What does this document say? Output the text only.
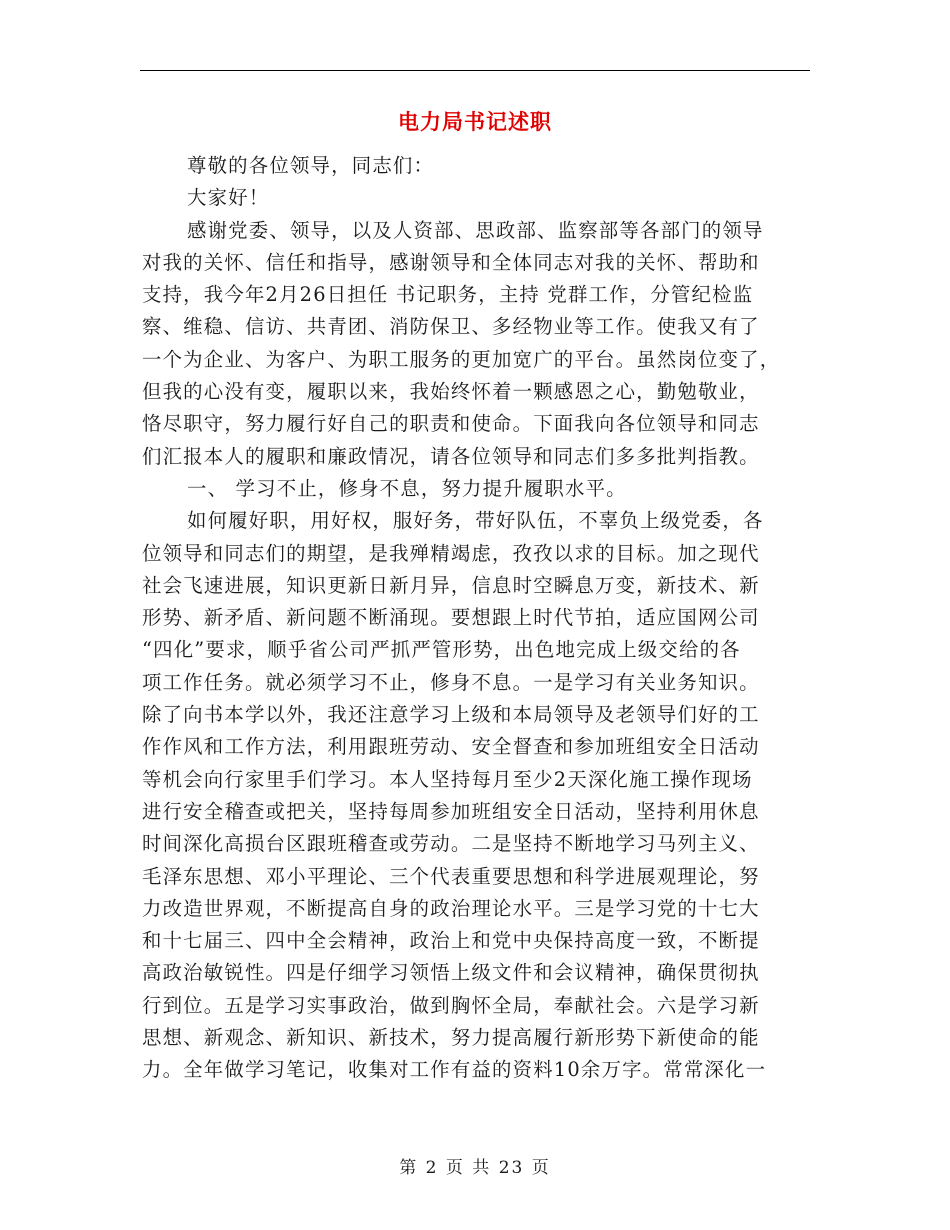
电力局书记述职
尊敬的各位领导，同志们：
大家好！
感谢党委、领导，以及人资部、思政部、监察部等各部门的领导
对我的关怀、信任和指导，感谢领导和全体同志对我的关怀、帮助和
支持，我今年2月26日担任 书记职务，主持 党群工作，分管纪检监
察、维稳、信访、共青团、消防保卫、多经物业等工作。使我又有了
一个为企业、为客户、为职工服务的更加宽广的平台。虽然岗位变了，
但我的心没有变，履职以来，我始终怀着一颗感恩之心，勤勉敬业，
恪尽职守，努力履行好自己的职责和使命。下面我向各位领导和同志
们汇报本人的履职和廉政情况，请各位领导和同志们多多批判指教。
一、 学习不止，修身不息，努力提升履职水平。
如何履好职，用好权，服好务，带好队伍，不辜负上级党委，各
位领导和同志们的期望，是我殚精竭虑，孜孜以求的目标。加之现代
社会飞速进展，知识更新日新月异，信息时空瞬息万变，新技术、新
形势、新矛盾、新问题不断涌现。要想跟上时代节拍，适应国网公司
“四化”要求，顺乎省公司严抓严管形势，出色地完成上级交给的各
项工作任务。就必须学习不止，修身不息。一是学习有关业务知识。
除了向书本学以外，我还注意学习上级和本局领导及老领导们好的工
作作风和工作方法，利用跟班劳动、安全督查和参加班组安全日活动
等机会向行家里手们学习。本人坚持每月至少2天深化施工操作现场
进行安全稽查或把关，坚持每周参加班组安全日活动，坚持利用休息
时间深化高损台区跟班稽查或劳动。二是坚持不断地学习马列主义、
毛泽东思想、邓小平理论、三个代表重要思想和科学进展观理论，努
力改造世界观，不断提高自身的政治理论水平。三是学习党的十七大
和十七届三、四中全会精神，政治上和党中央保持高度一致，不断提
高政治敏锐性。四是仔细学习领悟上级文件和会议精神，确保贯彻执
行到位。五是学习实事政治，做到胸怀全局，奉献社会。六是学习新
思想、新观念、新知识、新技术，努力提高履行新形势下新使命的能
力。全年做学习笔记，收集对工作有益的资料10余万字。常常深化一
第 2 页 共 23 页
